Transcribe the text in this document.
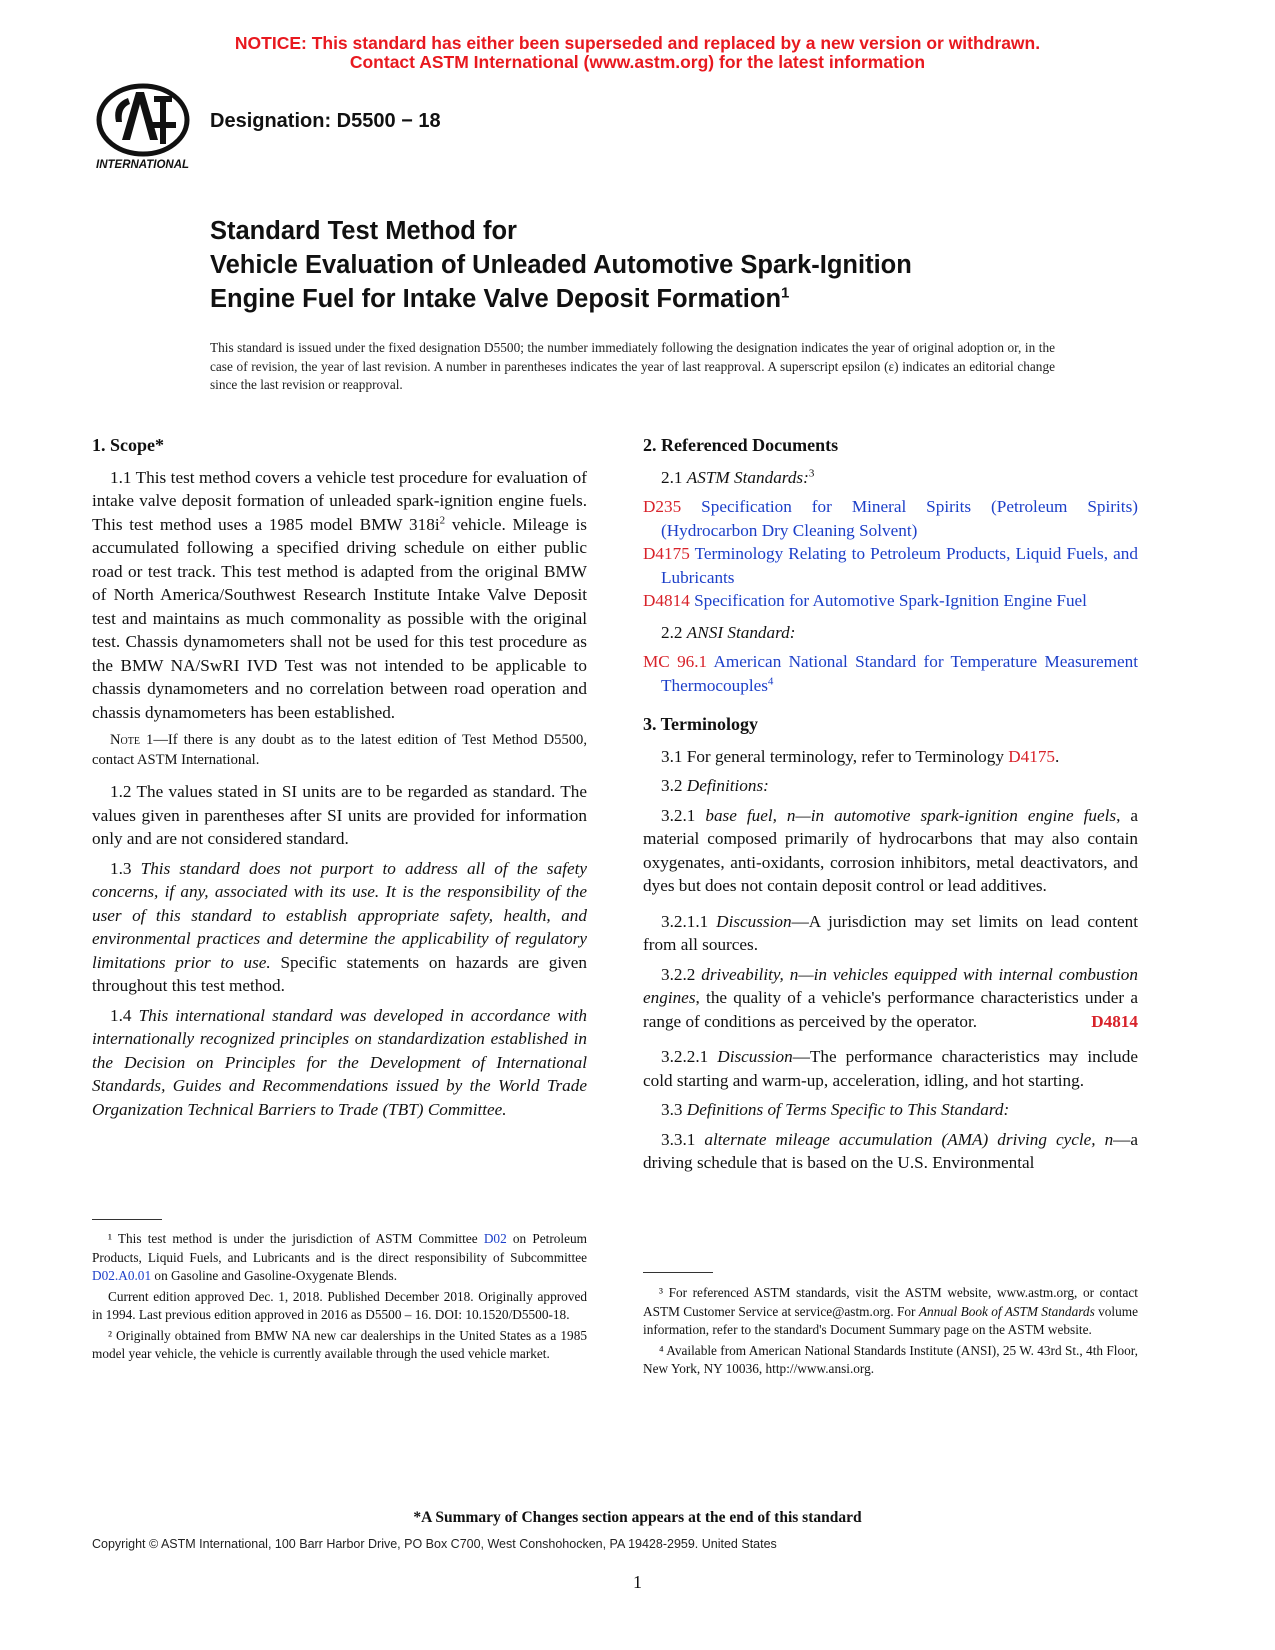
NOTICE: This standard has either been superseded and replaced by a new version or withdrawn.
Contact ASTM International (www.astm.org) for the latest information
INTERNATIONAL
Designation: D5500 − 18
Standard Test Method for
Vehicle Evaluation of Unleaded Automotive Spark-Ignition
Engine Fuel for Intake Valve Deposit Formation$^1$
This standard is issued under the fixed designation D5500; the number immediately following the designation indicates the year of original adoption or, in the case of revision, the year of last revision. A number in parentheses indicates the year of last reapproval. A superscript epsilon (ε) indicates an editorial change since the last revision or reapproval.
1. Scope*

1.1 This test method covers a vehicle test procedure for evaluation of intake valve deposit formation of unleaded spark-ignition engine fuels. This test method uses a 1985 model BMW $318i^2$ vehicle. Mileage is accumulated following a specified driving schedule on either public road or test track. This test method is adapted from the original BMW of North America/Southwest Research Institute Intake Valve Deposit test and maintains as much commonality as possible with the original test. Chassis dynamometers shall not be used for this test procedure as the BMW NA/SwRI IVD Test was not intended to be applicable to chassis dynamometers and no correlation between road operation and chassis dynamometers has been established.

Note 1—If there is any doubt as to the latest edition of Test Method D5500, contact ASTM International.

1.2 The values stated in SI units are to be regarded as standard. The values given in parentheses after SI units are provided for information only and are not considered standard.

1.3 This standard does not purport to address all of the safety concerns, if any, associated with its use. It is the responsibility of the user of this standard to establish appropriate safety, health, and environmental practices and determine the applicability of regulatory limitations prior to use. Specific statements on hazards are given throughout this test method.

1.4 This international standard was developed in accordance with internationally recognized principles on standardization established in the Decision on Principles for the Development of International Standards, Guides and Recommendations issued by the World Trade Organization Technical Barriers to Trade (TBT) Committee.

¹ This test method is under the jurisdiction of ASTM Committee D02 on Petroleum Products, Liquid Fuels, and Lubricants and is the direct responsibility of Subcommittee D02.A0.01 on Gasoline and Gasoline-Oxygenate Blends.

Current edition approved Dec. 1, 2018. Published December 2018. Originally approved in 1994. Last previous edition approved in 2016 as D5500 – 16. DOI: 10.1520/D5500-18.

² Originally obtained from BMW NA new car dealerships in the United States as a 1985 model year vehicle, the vehicle is currently available through the used vehicle market.

2. Referenced Documents

2.1 ASTM Standards:$^3$

D235 Specification for Mineral Spirits (Petroleum Spirits) (Hydrocarbon Dry Cleaning Solvent)
D4175 Terminology Relating to Petroleum Products, Liquid Fuels, and Lubricants
D4814 Specification for Automotive Spark-Ignition Engine Fuel

2.2 ANSI Standard:

MC 96.1 American National Standard for Temperature Measurement Thermocouples$^4$
3. Terminology

3.1 For general terminology, refer to Terminology D4175.

3.2 Definitions:

3.2.1 base fuel, n—in automotive spark-ignition engine fuels, a material composed primarily of hydrocarbons that may also contain oxygenates, anti-oxidants, corrosion inhibitors, metal deactivators, and dyes but does not contain deposit control or lead additives.

3.2.1.1 Discussion—A jurisdiction may set limits on lead content from all sources.

3.2.2 driveability, n—in vehicles equipped with internal combustion engines, the quality of a vehicle's performance characteristics under a range of conditions as perceived by the operator.	D4814

3.2.2.1 Discussion—The performance characteristics may include cold starting and warm-up, acceleration, idling, and hot starting.

3.3 Definitions of Terms Specific to This Standard:

3.3.1 alternate mileage accumulation (AMA) driving cycle, n—a driving schedule that is based on the U.S. Environmental

³ For referenced ASTM standards, visit the ASTM website, www.astm.org, or contact ASTM Customer Service at service@astm.org. For Annual Book of ASTM Standards volume information, refer to the standard's Document Summary page on the ASTM website.

⁴ Available from American National Standards Institute (ANSI), 25 W. 43rd St., 4th Floor, New York, NY 10036, http://www.ansi.org.

*A Summary of Changes section appears at the end of this standard
Copyright © ASTM International, 100 Barr Harbor Drive, PO Box C700, West Conshohocken, PA 19428-2959. United States
1
